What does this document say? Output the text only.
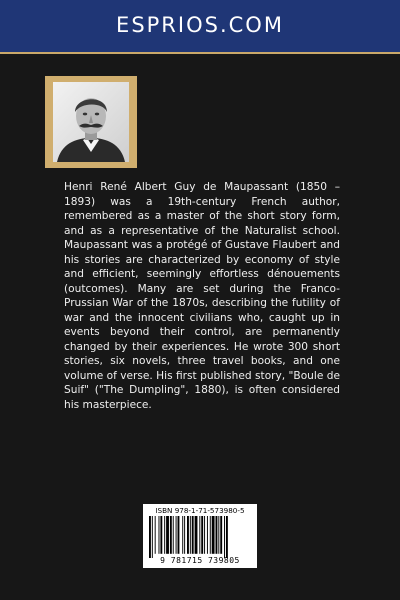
ESPRIOS.COM

Henri René Albert Guy de Maupassant (1850 –1893) was a 19th-century French author, remembered as a master of the short story form, and as a representative of the Naturalist school. Maupassant was a protégé of Gustave Flaubert and his stories are characterized by economy of style and efficient, seemingly effortless dénouements (outcomes). Many are set during the Franco-Prussian War of the 1870s, describing the futility of war and the innocent civilians who, caught up in events beyond their control, are permanently changed by their experiences. He wrote 300 short stories, six novels, three travel books, and one volume of verse. His first published story, "Boule de Suif" ("The Dumpling", 1880), is often considered his masterpiece.

ISBN 978-1-71-573980-5
9 781715 739805
